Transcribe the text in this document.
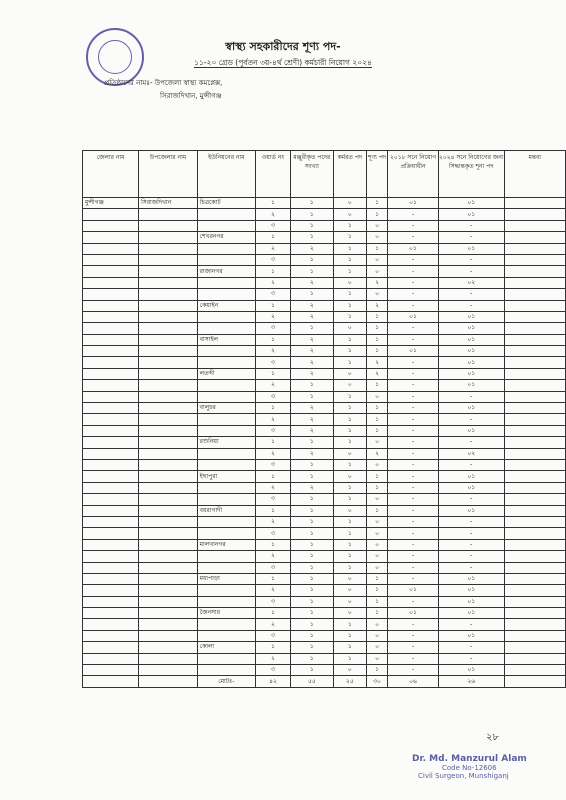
স্বাস্থ্য সহকারীদের শূণ্য পদ-
১১-২০ গ্রেড (পূর্বতন ৩য়-৪র্থ শ্রেণী) কর্মচারী নিয়োগ ২০২৪
প্রতিষ্ঠানের নামঃ- উপজেলা স্বাস্থ্য কমপ্লেক্স,
সিরাজদিখান, মুন্সীগঞ্জ
জেলার নাম	উপজেলার নাম	ইউনিয়নের নাম	ওয়ার্ড নং	মঞ্জুরীকৃত পদের সংখ্যা	কর্মরত পদ	শূণ্য পদ	২০১৮ সনে নিয়োগ প্রক্রিয়াধীন	২০২৪ সনে নিয়োগের জন্য সিদ্ধান্তকৃত শূন্য পদ	মন্তব্য
মুন্সীগঞ্জ	সিরাজদিখান	চিত্রকোট	১	১	০	১	০১	০১	
			২	১	০	১	-	০১	
			৩	১	১	০	-	-	
		শেখরনগর	১	১	১	০	-	-	
			২	২	১	১	০১	০১	
			৩	১	১	০	-	-	
		রাজানগর	১	১	১	০	-	-	
			২	২	০	২	-	০২	
			৩	১	১	০	-	-	
		কেয়াইন	১	২	১	২	-	-	
			২	২	১	১	০১	০১	
			৩	১	০	১	-	০১	
		বাসাইল	১	২	১	১	-	০১	
			২	২	১	১	০১	০১	
			৩	২	১	২	-	০১	
		লতব্দী	১	২	০	২	-	০১	
			২	১	০	১	-	০১	
			৩	১	১	০	-	-	
		বালুচর	১	২	১	১	-	০১	
			২	২	১	১	-	-	
			৩	২	১	১	-	০১	
		রশুনিয়া	১	১	১	০	-	-	
			২	২	০	২	-	০২	
			৩	১	১	০	-	-	
		ইছাপুরা	১	১	০	১	-	০১	
			২	২	১	১	-	০১	
			৩	১	১	০	-	-	
		বয়রাগাদী	১	১	০	১	-	০১	
			২	১	১	০	-	-	
			৩	১	১	০	-	-	
		মালখানগর	১	১	১	০	-	-	
			২	১	১	০	-	-	
			৩	১	১	০	-	-	
		মধ্যপাড়া	১	১	০	১	-	০১	
			২	১	০	১	০১	০১	
			৩	১	০	১	-	০১	
		জৈনসার	১	১	০	১	০১	০১	
			২	১	১	০	-	-	
			৩	১	১	০	-	০১	
		কোলা	১	১	১	০	-	-	
			২	১	১	০	-	-	
			৩	১	০	১	-	০১	
		মোটঃ-	৪২	৫৫	২৫	৩০	০৬	২৬	
২৮
Dr. Md. Manzurul Alam
Code No-12606
Civil Surgeon, Munshiganj
